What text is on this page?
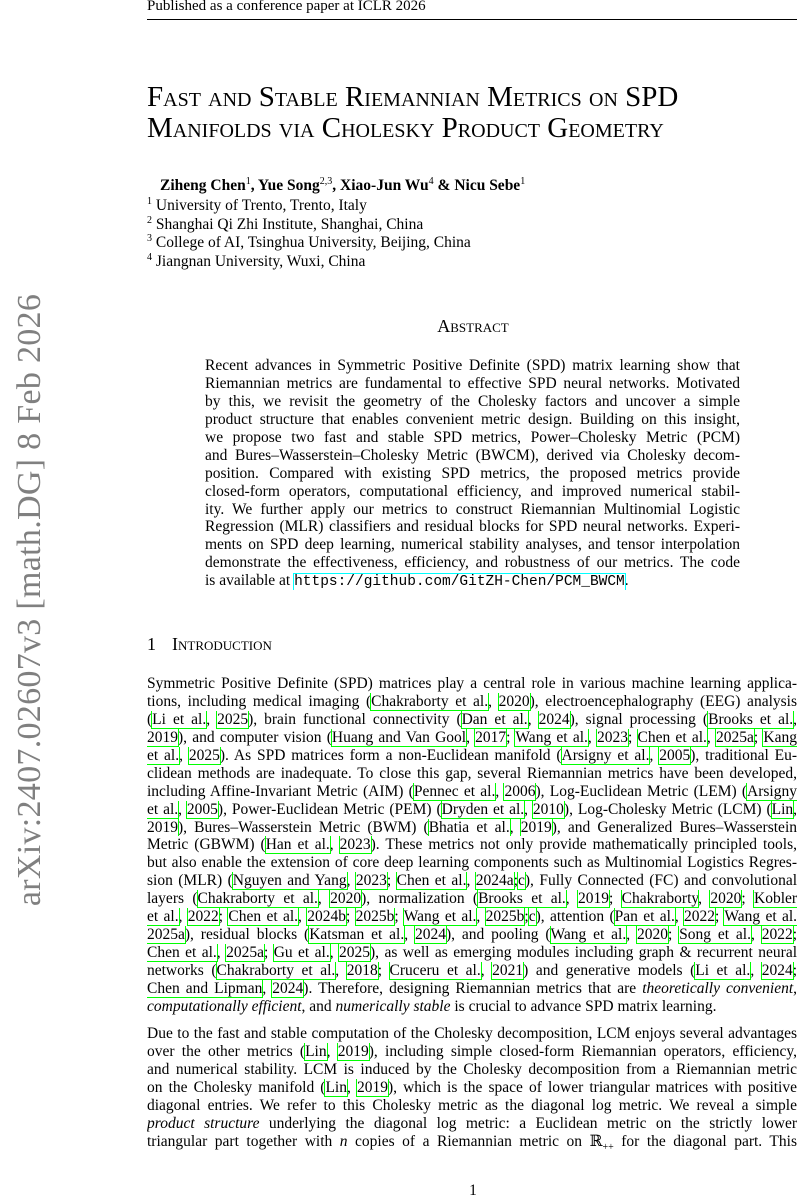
Published as a conference paper at ICLR 2026
arXiv:2407.02607v3 [math.DG] 8 Feb 2026
Fast and Stable Riemannian Metrics on SPD
Manifolds via Cholesky Product Geometry
Ziheng Chen$^1$, Yue Song$^{2,3}$, Xiao-Jun Wu$^4$ & Nicu Sebe$^1$
$^1$ University of Trento, Trento, Italy
$^2$ Shanghai Qi Zhi Institute, Shanghai, China
$^3$ College of AI, Tsinghua University, Beijing, China
$^4$ Jiangnan University, Wuxi, China
Abstract
Recent advances in Symmetric Positive Definite (SPD) matrix learning show that
Riemannian metrics are fundamental to effective SPD neural networks. Motivated
by this, we revisit the geometry of the Cholesky factors and uncover a simple
product structure that enables convenient metric design. Building on this insight,
we propose two fast and stable SPD metrics, Power–Cholesky Metric (PCM)
and Bures–Wasserstein–Cholesky Metric (BWCM), derived via Cholesky decom-
position. Compared with existing SPD metrics, the proposed metrics provide
closed-form operators, computational efficiency, and improved numerical stabil-
ity. We further apply our metrics to construct Riemannian Multinomial Logistic
Regression (MLR) classifiers and residual blocks for SPD neural networks. Experi-
ments on SPD deep learning, numerical stability analyses, and tensor interpolation
demonstrate the effectiveness, efficiency, and robustness of our metrics. The code
is available at https://github.com/GitZH-Chen/PCM_BWCM.
1 Introduction
Symmetric Positive Definite (SPD) matrices play a central role in various machine learning applica-
tions, including medical imaging (Chakraborty et al., 2020), electroencephalography (EEG) analysis
(Li et al., 2025), brain functional connectivity (Dan et al., 2024), signal processing (Brooks et al.,
2019), and computer vision (Huang and Van Gool, 2017; Wang et al., 2023; Chen et al., 2025a; Kang
et al., 2025). As SPD matrices form a non-Euclidean manifold (Arsigny et al., 2005), traditional Eu-
clidean methods are inadequate. To close this gap, several Riemannian metrics have been developed,
including Affine-Invariant Metric (AIM) (Pennec et al., 2006), Log-Euclidean Metric (LEM) (Arsigny
et al., 2005), Power-Euclidean Metric (PEM) (Dryden et al., 2010), Log-Cholesky Metric (LCM) (Lin,
2019), Bures–Wasserstein Metric (BWM) (Bhatia et al., 2019), and Generalized Bures–Wasserstein
Metric (GBWM) (Han et al., 2023). These metrics not only provide mathematically principled tools,
but also enable the extension of core deep learning components such as Multinomial Logistics Regres-
sion (MLR) (Nguyen and Yang, 2023; Chen et al., 2024a;c), Fully Connected (FC) and convolutional
layers (Chakraborty et al., 2020), normalization (Brooks et al., 2019; Chakraborty, 2020; Kobler
et al., 2022; Chen et al., 2024b; 2025b; Wang et al., 2025b;c), attention (Pan et al., 2022; Wang et al.
2025a), residual blocks (Katsman et al., 2024), and pooling (Wang et al., 2020; Song et al., 2022;
Chen et al., 2025a; Gu et al., 2025), as well as emerging modules including graph & recurrent neural
networks (Chakraborty et al., 2018; Cruceru et al., 2021) and generative models (Li et al., 2024;
Chen and Lipman, 2024). Therefore, designing Riemannian metrics that are theoretically convenient,
computationally efficient, and numerically stable is crucial to advance SPD matrix learning.
Due to the fast and stable computation of the Cholesky decomposition, LCM enjoys several advantages
over the other metrics (Lin, 2019), including simple closed-form Riemannian operators, efficiency,
and numerical stability. LCM is induced by the Cholesky decomposition from a Riemannian metric
on the Cholesky manifold (Lin, 2019), which is the space of lower triangular matrices with positive
diagonal entries. We refer to this Cholesky metric as the diagonal log metric. We reveal a simple
product structure underlying the diagonal log metric: a Euclidean metric on the strictly lower
triangular part together with n copies of a Riemannian metric on ℝ$_{++}$ for the diagonal part. This
1
